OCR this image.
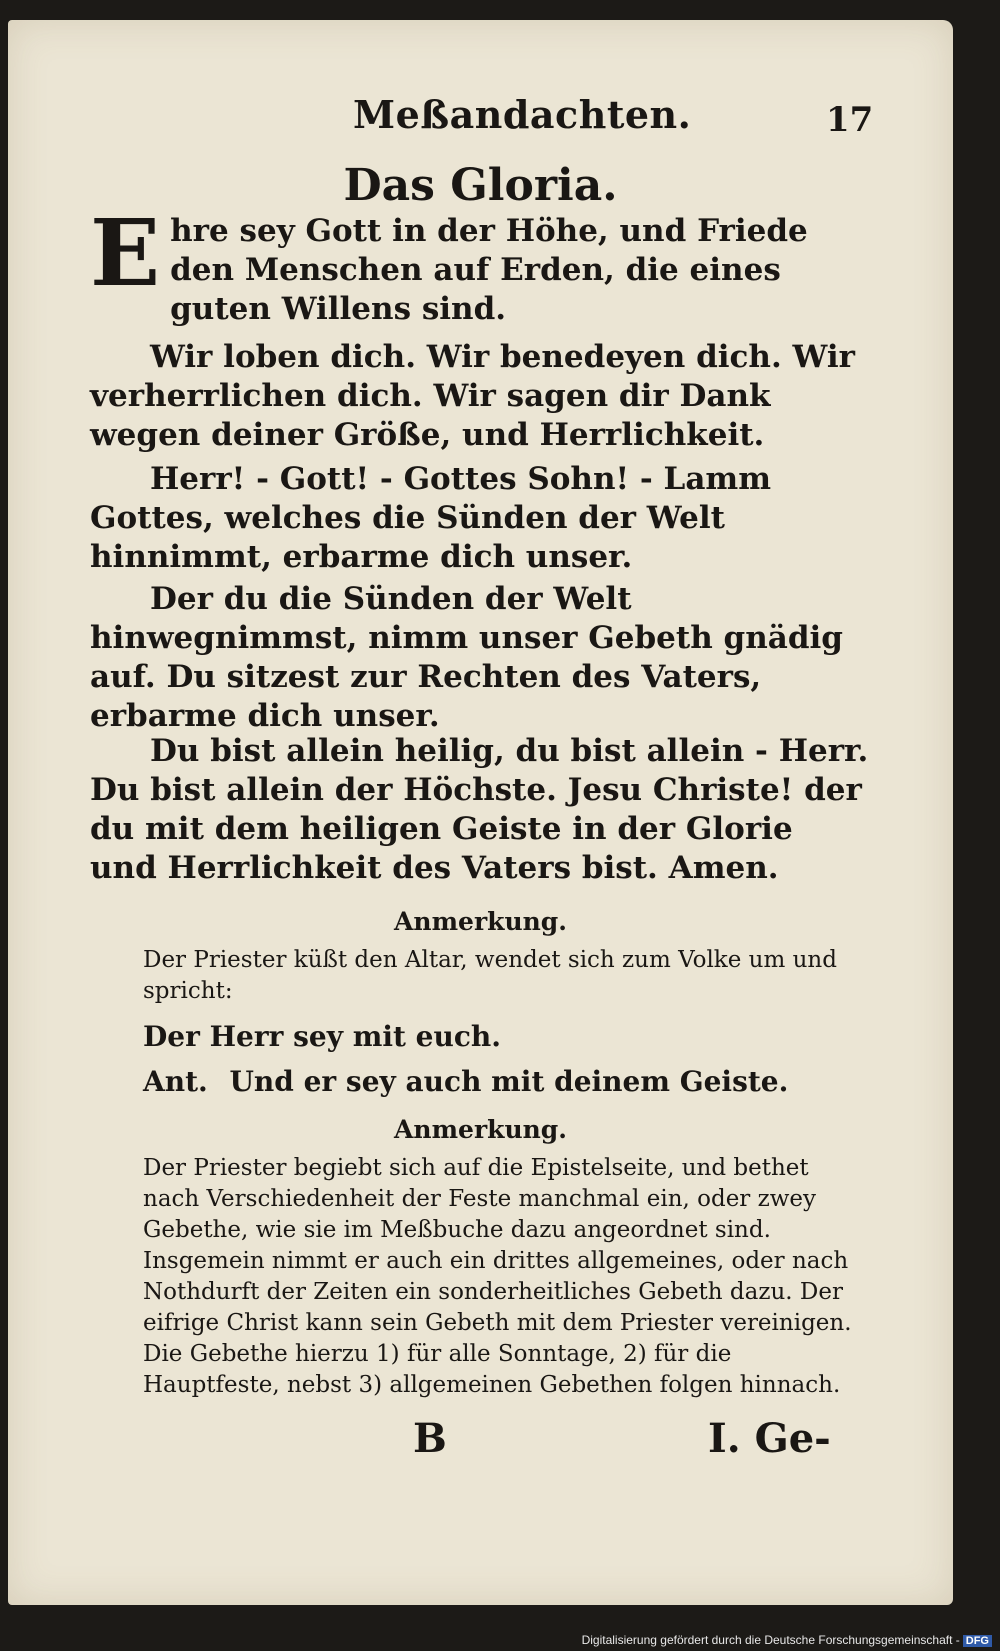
Meßandachten.	17
Das Gloria.
Ehre sey Gott in der Höhe, und Friede den Menschen auf Erden, die eines guten Willens sind.
Wir loben dich. Wir benedeyen dich. Wir verherrlichen dich. Wir sagen dir Dank wegen deiner Größe, und Herrlichkeit.
Herr! - Gott! - Gottes Sohn! - Lamm Gottes, welches die Sünden der Welt hinnimmt, erbarme dich unser.
Der du die Sünden der Welt hinwegnimmst, nimm unser Gebeth gnädig auf. Du sitzest zur Rechten des Vaters, erbarme dich unser.
Du bist allein heilig, du bist allein - Herr. Du bist allein der Höchste. Jesu Christe! der du mit dem heiligen Geiste in der Glorie und Herrlichkeit des Vaters bist. Amen.
Anmerkung.
Der Priester küßt den Altar, wendet sich zum Volke um und spricht:
Der Herr sey mit euch.
Ant. Und er sey auch mit deinem Geiste.
Anmerkung.
Der Priester begiebt sich auf die Epistelseite, und bethet nach Verschiedenheit der Feste manchmal ein, oder zwey Gebethe, wie sie im Meßbuche dazu angeordnet sind. Insgemein nimmt er auch ein drittes allgemeines, oder nach Nothdurft der Zeiten ein sonderheitliches Gebeth dazu. Der eifrige Christ kann sein Gebeth mit dem Priester vereinigen. Die Gebethe hierzu 1) für alle Sonntage, 2) für die Hauptfeste, nebst 3) allgemeinen Gebethen folgen hinnach.
B	I. Ge-
Digitalisierung gefördert durch die Deutsche Forschungsgemeinschaft - DFG
